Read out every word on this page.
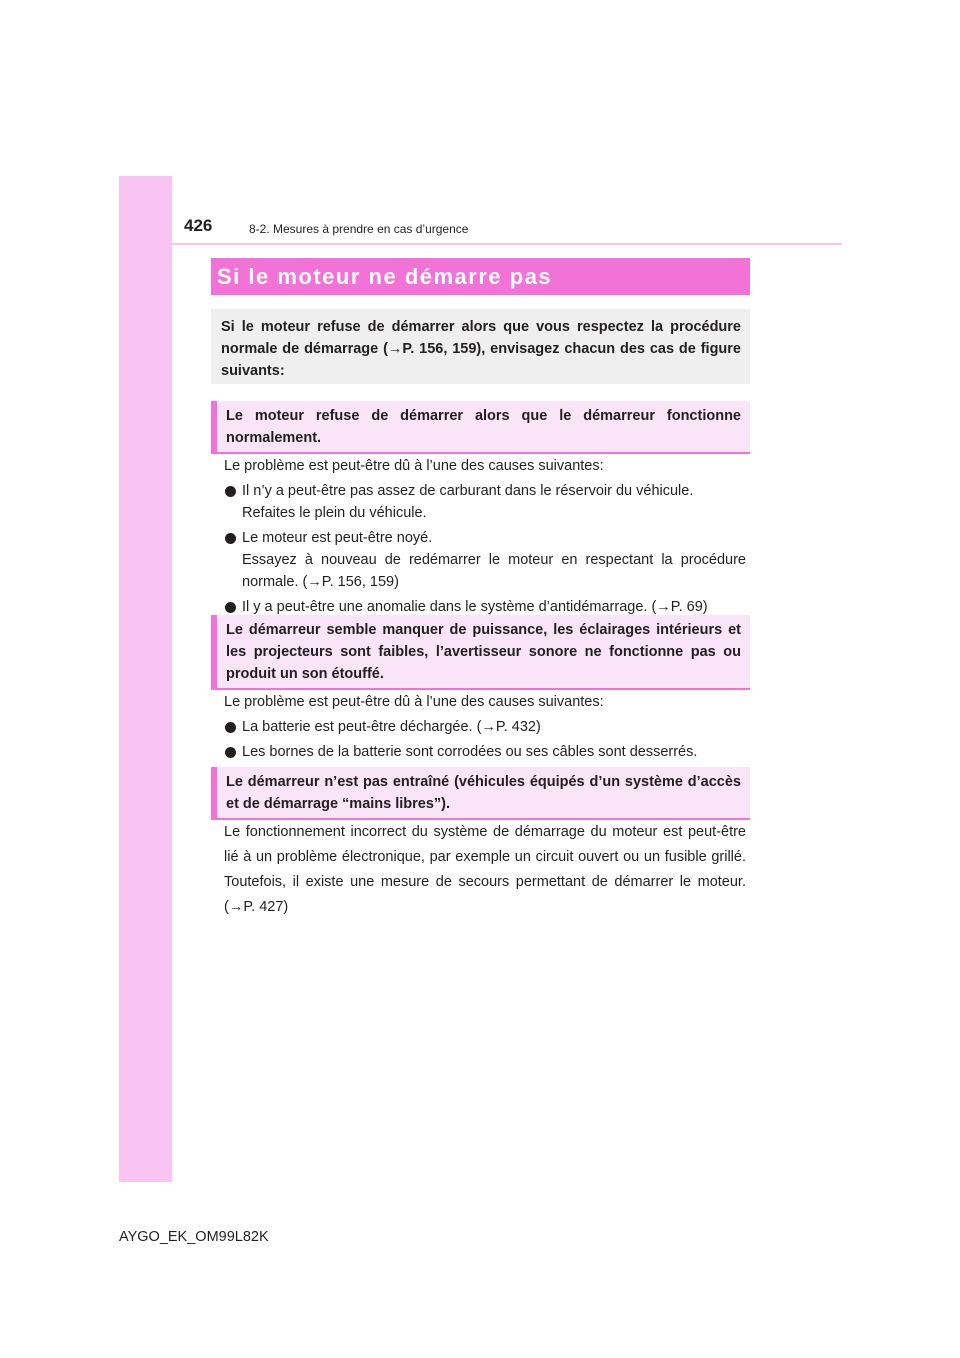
426	8-2. Mesures à prendre en cas d’urgence
Si le moteur ne démarre pas
Si le moteur refuse de démarrer alors que vous respectez la procédure normale de démarrage (→P. 156, 159), envisagez chacun des cas de figure suivants:
Le moteur refuse de démarrer alors que le démarreur fonctionne normalement.

Le problème est peut-être dû à l’une des causes suivantes:

Il n’y a peut-être pas assez de carburant dans le réservoir du véhicule.

Refaites le plein du véhicule.

Le moteur est peut-être noyé.

Essayez à nouveau de redémarrer le moteur en respectant la procédure normale. (→P. 156, 159)

Il y a peut-être une anomalie dans le système d’antidémarrage. (→P. 69)

Le démarreur semble manquer de puissance, les éclairages intérieurs et les projecteurs sont faibles, l’avertisseur sonore ne fonctionne pas ou produit un son étouffé.

Le problème est peut-être dû à l’une des causes suivantes:

La batterie est peut-être déchargée. (→P. 432)

Les bornes de la batterie sont corrodées ou ses câbles sont desserrés.

Le démarreur n’est pas entraîné (véhicules équipés d’un système d’accès et de démarrage “mains libres”).

Le fonctionnement incorrect du système de démarrage du moteur est peut-être lié à un problème électronique, par exemple un circuit ouvert ou un fusible grillé. Toutefois, il existe une mesure de secours permettant de démarrer le moteur. (→P. 427)

AYGO_EK_OM99L82K
